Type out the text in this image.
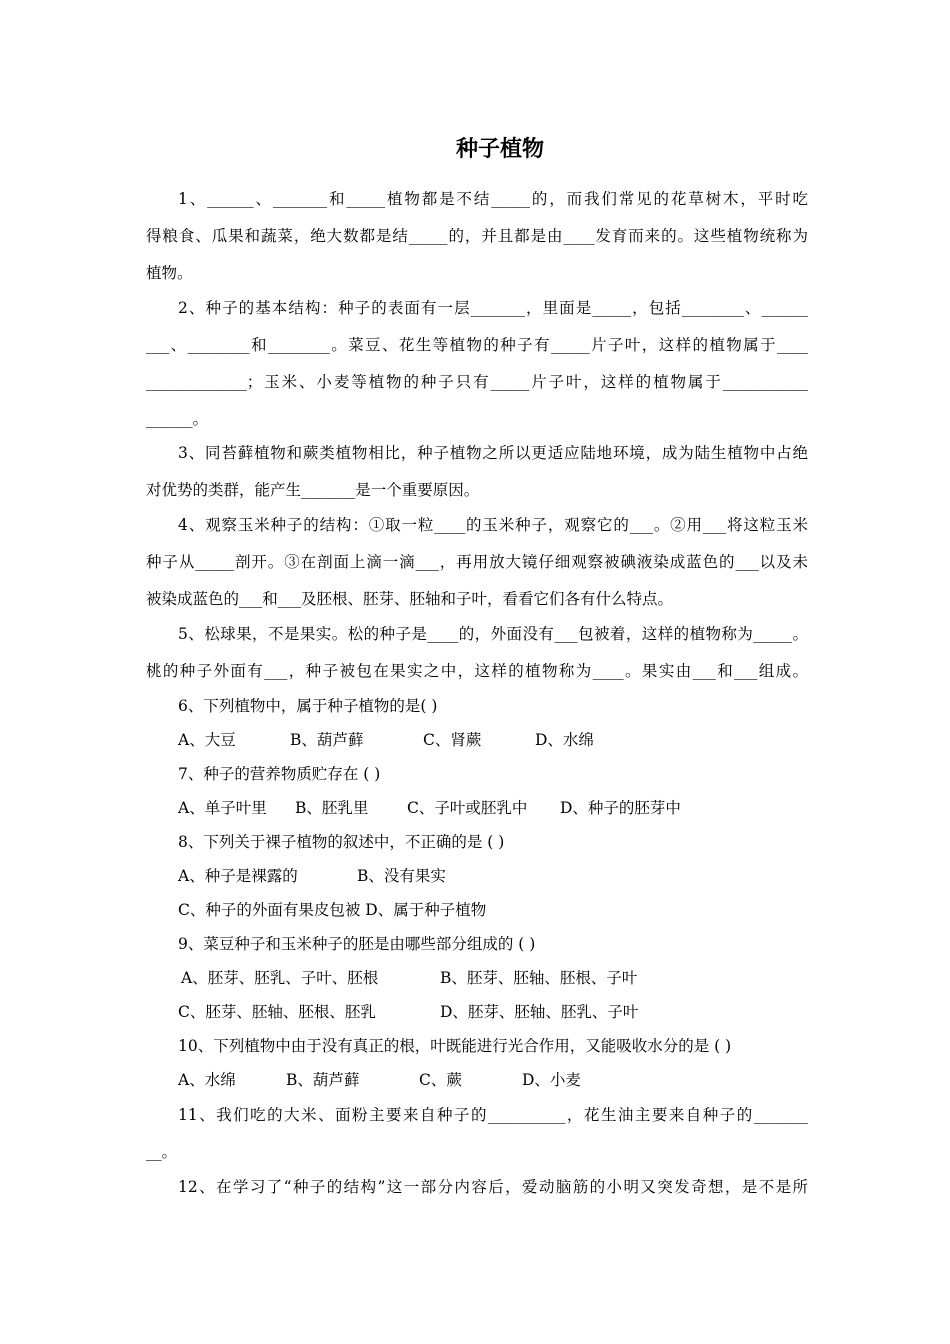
种子植物
1、______、_______和_____植物都是不结_____的，而我们常见的花草树木，平时吃
得粮食、瓜果和蔬菜，绝大数都是结_____的，并且都是由____发育而来的。这些植物统称为
植物。
2、种子的基本结构：种子的表面有一层_______，里面是_____，包括________、______
___、________和________。菜豆、花生等植物的种子有_____片子叶，这样的植物属于____
_____________；玉米、小麦等植物的种子只有_____片子叶，这样的植物属于___________
______。
3、同苔藓植物和蕨类植物相比，种子植物之所以更适应陆地环境，成为陆生植物中占绝
对优势的类群，能产生_______是一个重要原因。
4、观察玉米种子的结构：①取一粒____的玉米种子，观察它的___。②用___将这粒玉米
种子从_____剖开。③在剖面上滴一滴___，再用放大镜仔细观察被碘液染成蓝色的___以及未
被染成蓝色的___和___及胚根、胚芽、胚轴和子叶，看看它们各有什么特点。
5、松球果，不是果实。松的种子是____的，外面没有___包被着，这样的植物称为_____。
桃的种子外面有___，种子被包在果实之中，这样的植物称为____。果实由___和___组成。
6、下列植物中，属于种子植物的是( )
A、大豆	B、葫芦藓	C、肾蕨	D、水绵
7、种子的营养物质贮存在 ( )
A、单子叶里 B、胚乳里 C、子叶或胚乳中 D、种子的胚芽中
8、下列关于裸子植物的叙述中，不正确的是 ( )
A、种子是裸露的	B、没有果实
C、种子的外面有果皮包被 D、属于种子植物
9、菜豆种子和玉米种子的胚是由哪些部分组成的 ( )
A、胚芽、胚乳、子叶、胚根	B、胚芽、胚轴、胚根、子叶
C、胚芽、胚轴、胚根、胚乳	D、胚芽、胚轴、胚乳、子叶
10、下列植物中由于没有真正的根，叶既能进行光合作用，又能吸收水分的是 ( )
A、水绵	B、葫芦藓	C、蕨	D、小麦
11、我们吃的大米、面粉主要来自种子的__________，花生油主要来自种子的_______
__。
12、在学习了“种子的结构”这一部分内容后，爱动脑筋的小明又突发奇想，是不是所
